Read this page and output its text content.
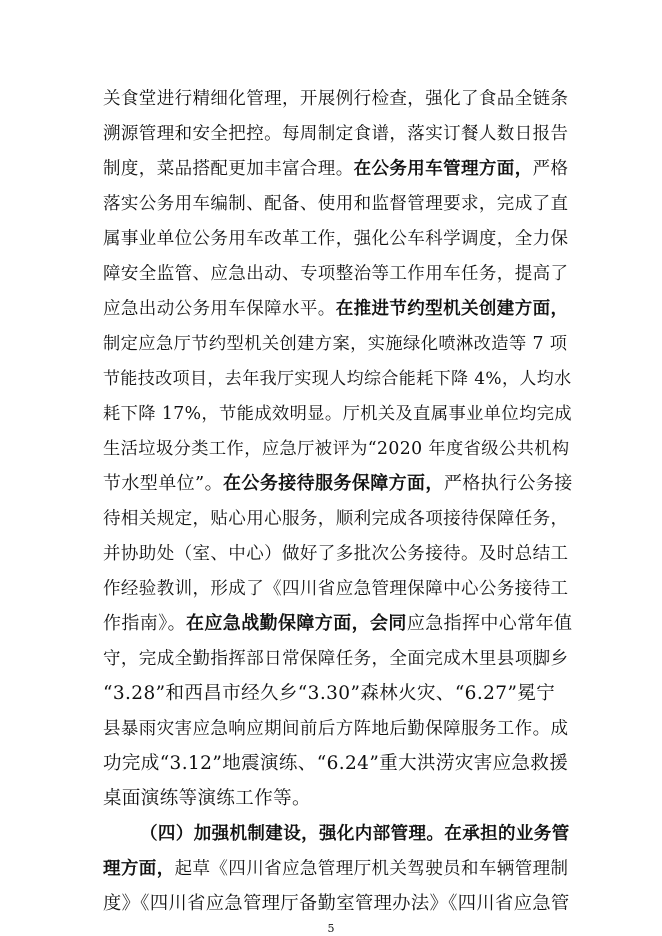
关食堂进行精细化管理，开展例行检查，强化了食品全链条
溯源管理和安全把控。每周制定食谱，落实订餐人数日报告
制度，菜品搭配更加丰富合理。在公务用车管理方面，严格
落实公务用车编制、配备、使用和监督管理要求，完成了直
属事业单位公务用车改革工作，强化公车科学调度，全力保
障安全监管、应急出动、专项整治等工作用车任务，提高了
应急出动公务用车保障水平。在推进节约型机关创建方面，
制定应急厅节约型机关创建方案，实施绿化喷淋改造等 7 项
节能技改项目，去年我厅实现人均综合能耗下降 4%，人均水
耗下降 17%，节能成效明显。厅机关及直属事业单位均完成
生活垃圾分类工作，应急厅被评为“2020 年度省级公共机构
节水型单位”。在公务接待服务保障方面，严格执行公务接
待相关规定，贴心用心服务，顺利完成各项接待保障任务，
并协助处（室、中心）做好了多批次公务接待。及时总结工
作经验教训，形成了《四川省应急管理保障中心公务接待工
作指南》。在应急战勤保障方面，会同应急指挥中心常年值
守，完成全勤指挥部日常保障任务，全面完成木里县项脚乡
“3.28”和西昌市经久乡“3.30”森林火灾、“6.27”冕宁
县暴雨灾害应急响应期间前后方阵地后勤保障服务工作。成
功完成“3.12”地震演练、“6.24”重大洪涝灾害应急救援
桌面演练等演练工作等。
（四）加强机制建设，强化内部管理。在承担的业务管
理方面，起草《四川省应急管理厅机关驾驶员和车辆管理制
度》《四川省应急管理厅备勤室管理办法》《四川省应急管
5
